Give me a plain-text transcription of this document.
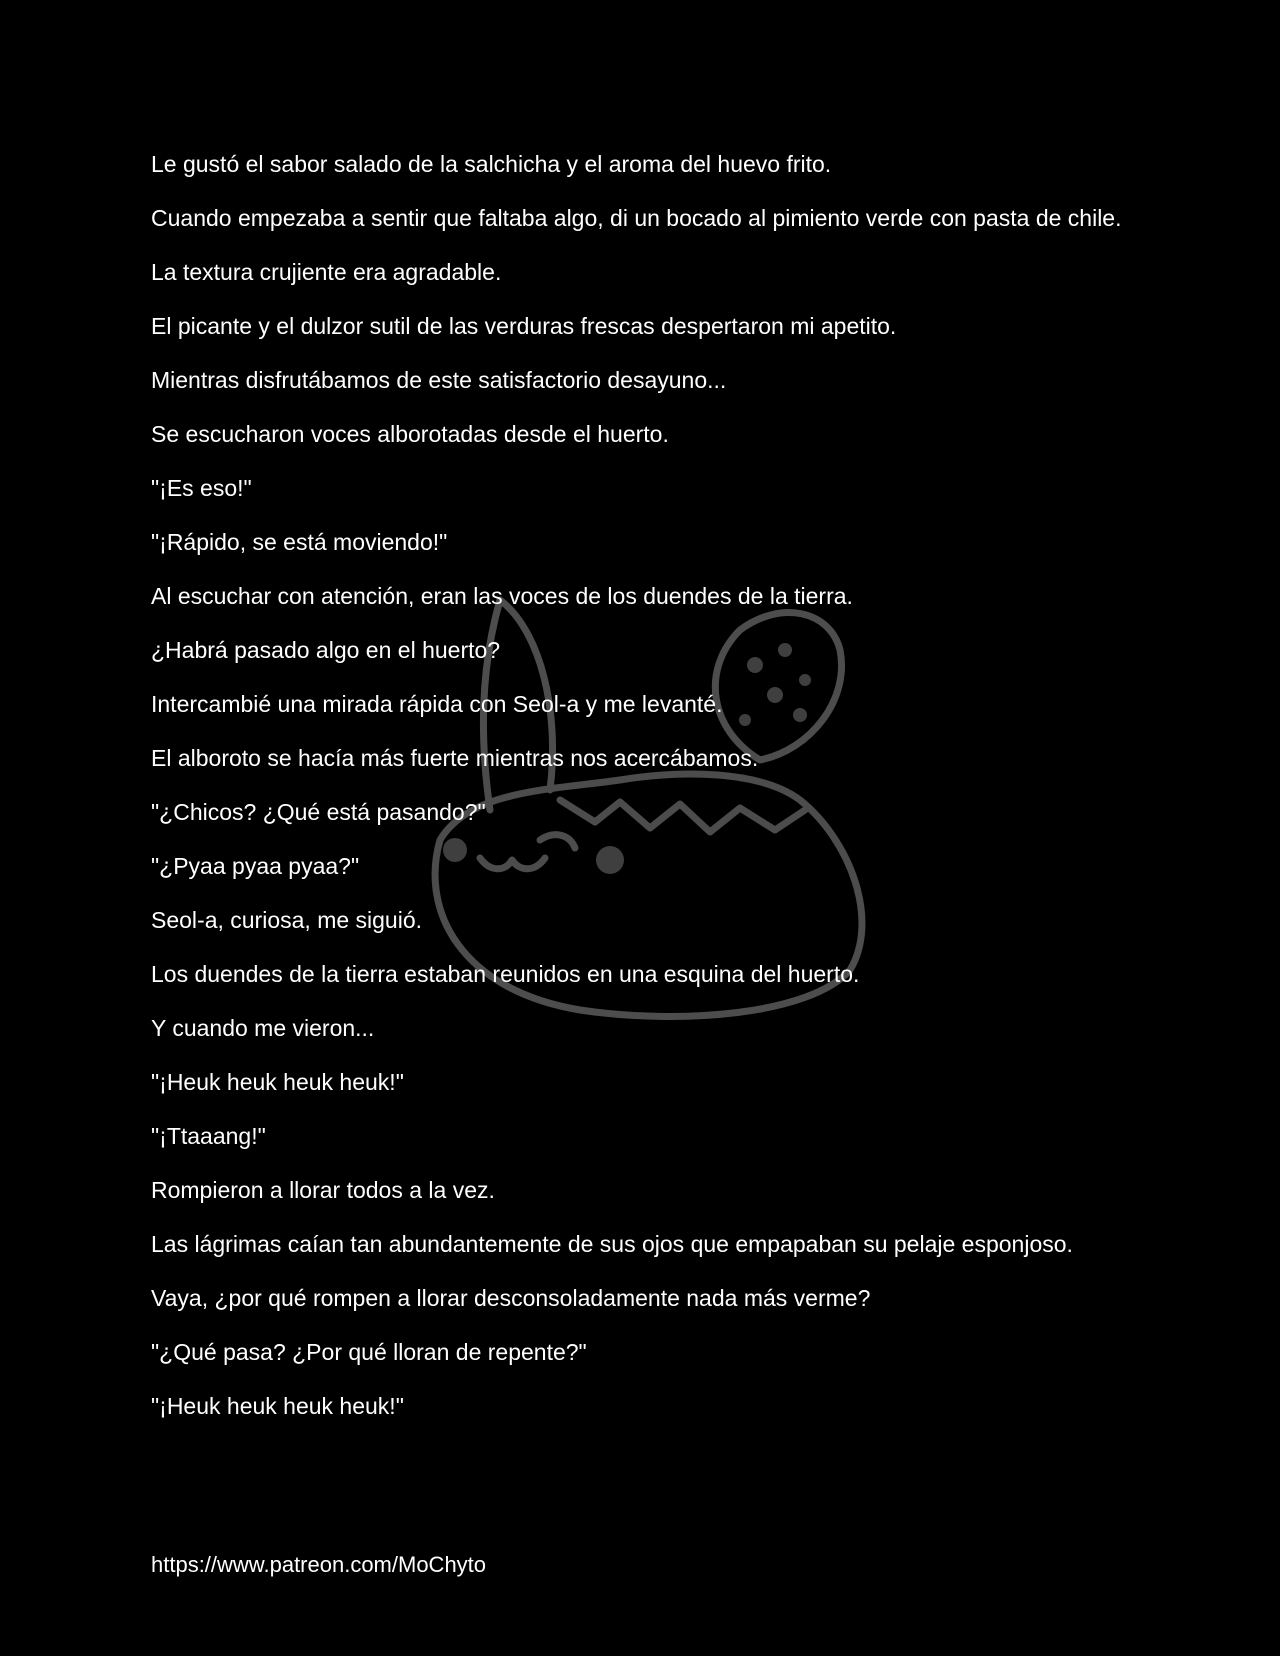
Le gustó el sabor salado de la salchicha y el aroma del huevo frito.

Cuando empezaba a sentir que faltaba algo, di un bocado al pimiento verde con pasta de chile.

La textura crujiente era agradable.

El picante y el dulzor sutil de las verduras frescas despertaron mi apetito.

Mientras disfrutábamos de este satisfactorio desayuno...

Se escucharon voces alborotadas desde el huerto.

"¡Es eso!"

"¡Rápido, se está moviendo!"

Al escuchar con atención, eran las voces de los duendes de la tierra.

¿Habrá pasado algo en el huerto?

Intercambié una mirada rápida con Seol-a y me levanté.

El alboroto se hacía más fuerte mientras nos acercábamos.

"¿Chicos? ¿Qué está pasando?"

"¿Pyaa pyaa pyaa?"

Seol-a, curiosa, me siguió.

Los duendes de la tierra estaban reunidos en una esquina del huerto.

Y cuando me vieron...

"¡Heuk heuk heuk heuk!"

"¡Ttaaang!"

Rompieron a llorar todos a la vez.

Las lágrimas caían tan abundantemente de sus ojos que empapaban su pelaje esponjoso.

Vaya, ¿por qué rompen a llorar desconsoladamente nada más verme?

"¿Qué pasa? ¿Por qué lloran de repente?"

"¡Heuk heuk heuk heuk!"

https://www.patreon.com/MoChyto
